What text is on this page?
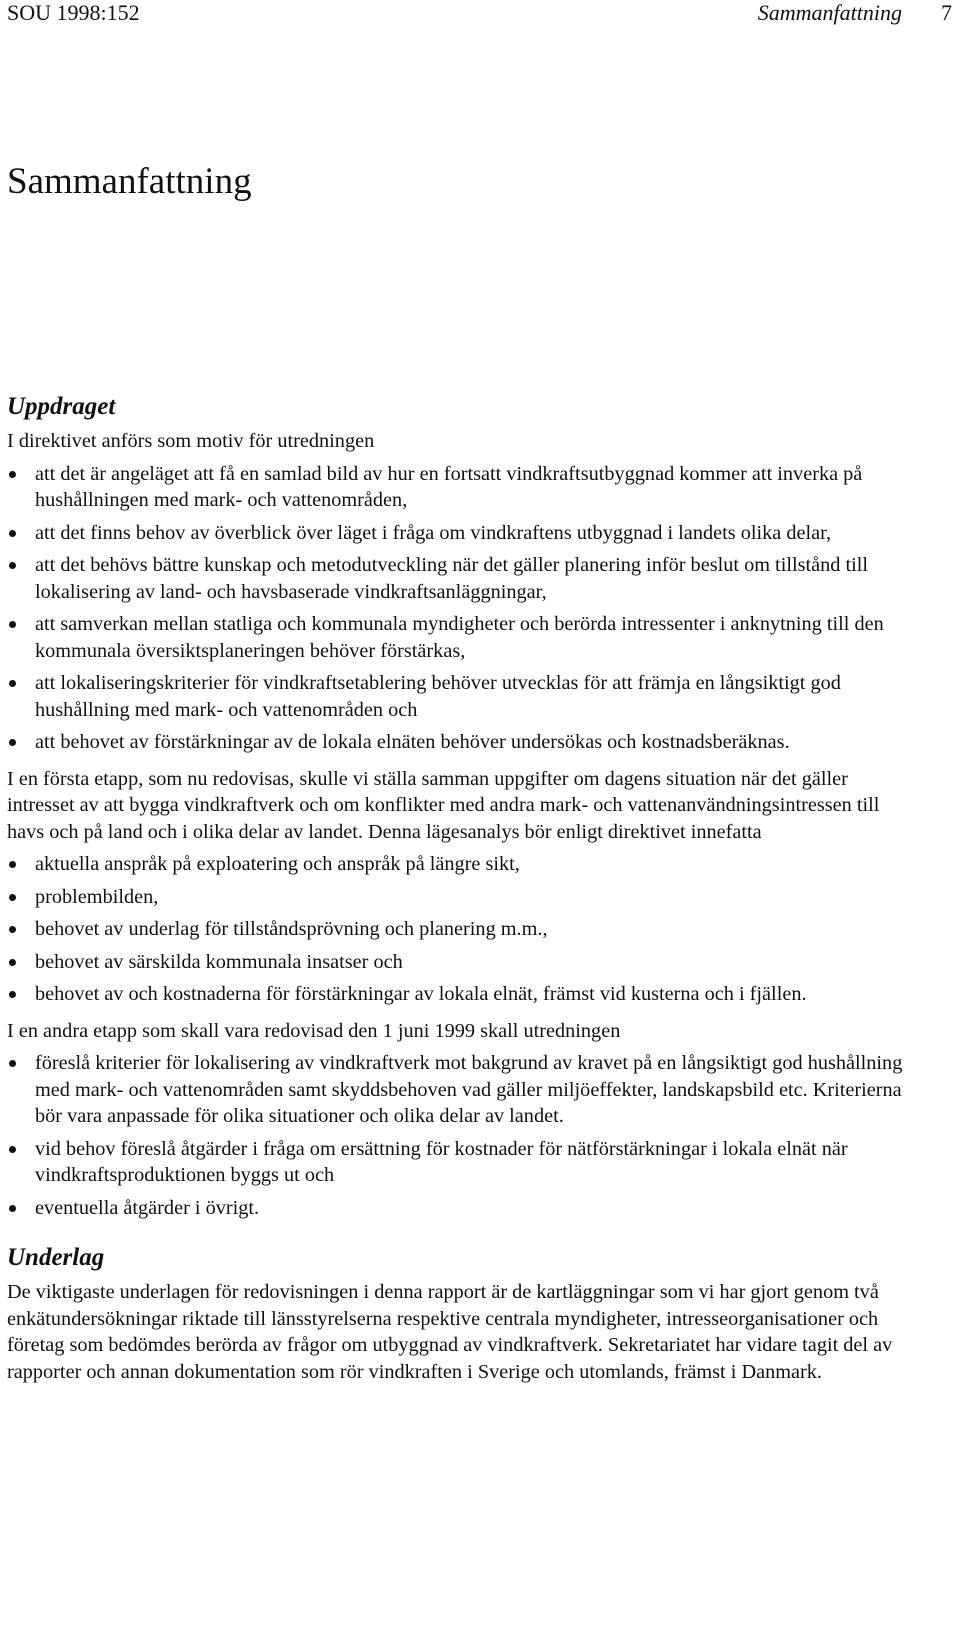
SOU 1998:152	Sammanfattning 7
Sammanfattning
Uppdraget

I direktivet anförs som motiv för utredningen

att det är angeläget att få en samlad bild av hur en fortsatt vindkraftsutbyggnad kommer att inverka på hushållningen med mark- och vattenområden,
att det finns behov av överblick över läget i fråga om vindkraftens utbyggnad i landets olika delar,
att det behövs bättre kunskap och metodutveckling när det gäller planering inför beslut om tillstånd till lokalisering av land- och havsbaserade vindkraftsanläggningar,
att samverkan mellan statliga och kommunala myndigheter och berörda intressenter i anknytning till den kommunala översiktsplaneringen behöver förstärkas,
att lokaliseringskriterier för vindkraftsetablering behöver utvecklas för att främja en långsiktigt god hushållning med mark- och vattenområden och
att behovet av förstärkningar av de lokala elnäten behöver undersökas och kostnadsberäknas.

I en första etapp, som nu redovisas, skulle vi ställa samman uppgifter om dagens situation när det gäller intresset av att bygga vindkraftverk och om konflikter med andra mark- och vattenanvändningsintressen till havs och på land och i olika delar av landet. Denna lägesanalys bör enligt direktivet innefatta

aktuella anspråk på exploatering och anspråk på längre sikt,
problembilden,
behovet av underlag för tillståndsprövning och planering m.m.,
behovet av särskilda kommunala insatser och
behovet av och kostnaderna för förstärkningar av lokala elnät, främst vid kusterna och i fjällen.

I en andra etapp som skall vara redovisad den 1 juni 1999 skall utredningen

föreslå kriterier för lokalisering av vindkraftverk mot bakgrund av kravet på en långsiktigt god hushållning med mark- och vattenområden samt skyddsbehoven vad gäller miljöeffekter, landskapsbild etc. Kriterierna bör vara anpassade för olika situationer och olika delar av landet.
vid behov föreslå åtgärder i fråga om ersättning för kostnader för nätförstärkningar i lokala elnät när vindkraftsproduktionen byggs ut och
eventuella åtgärder i övrigt.
Underlag

De viktigaste underlagen för redovisningen i denna rapport är de kartläggningar som vi har gjort genom två enkätundersökningar riktade till länsstyrelserna respektive centrala myndigheter, intresseorganisationer och företag som bedömdes berörda av frågor om utbyggnad av vindkraftverk. Sekretariatet har vidare tagit del av rapporter och annan dokumentation som rör vindkraften i Sverige och utomlands, främst i Danmark.
